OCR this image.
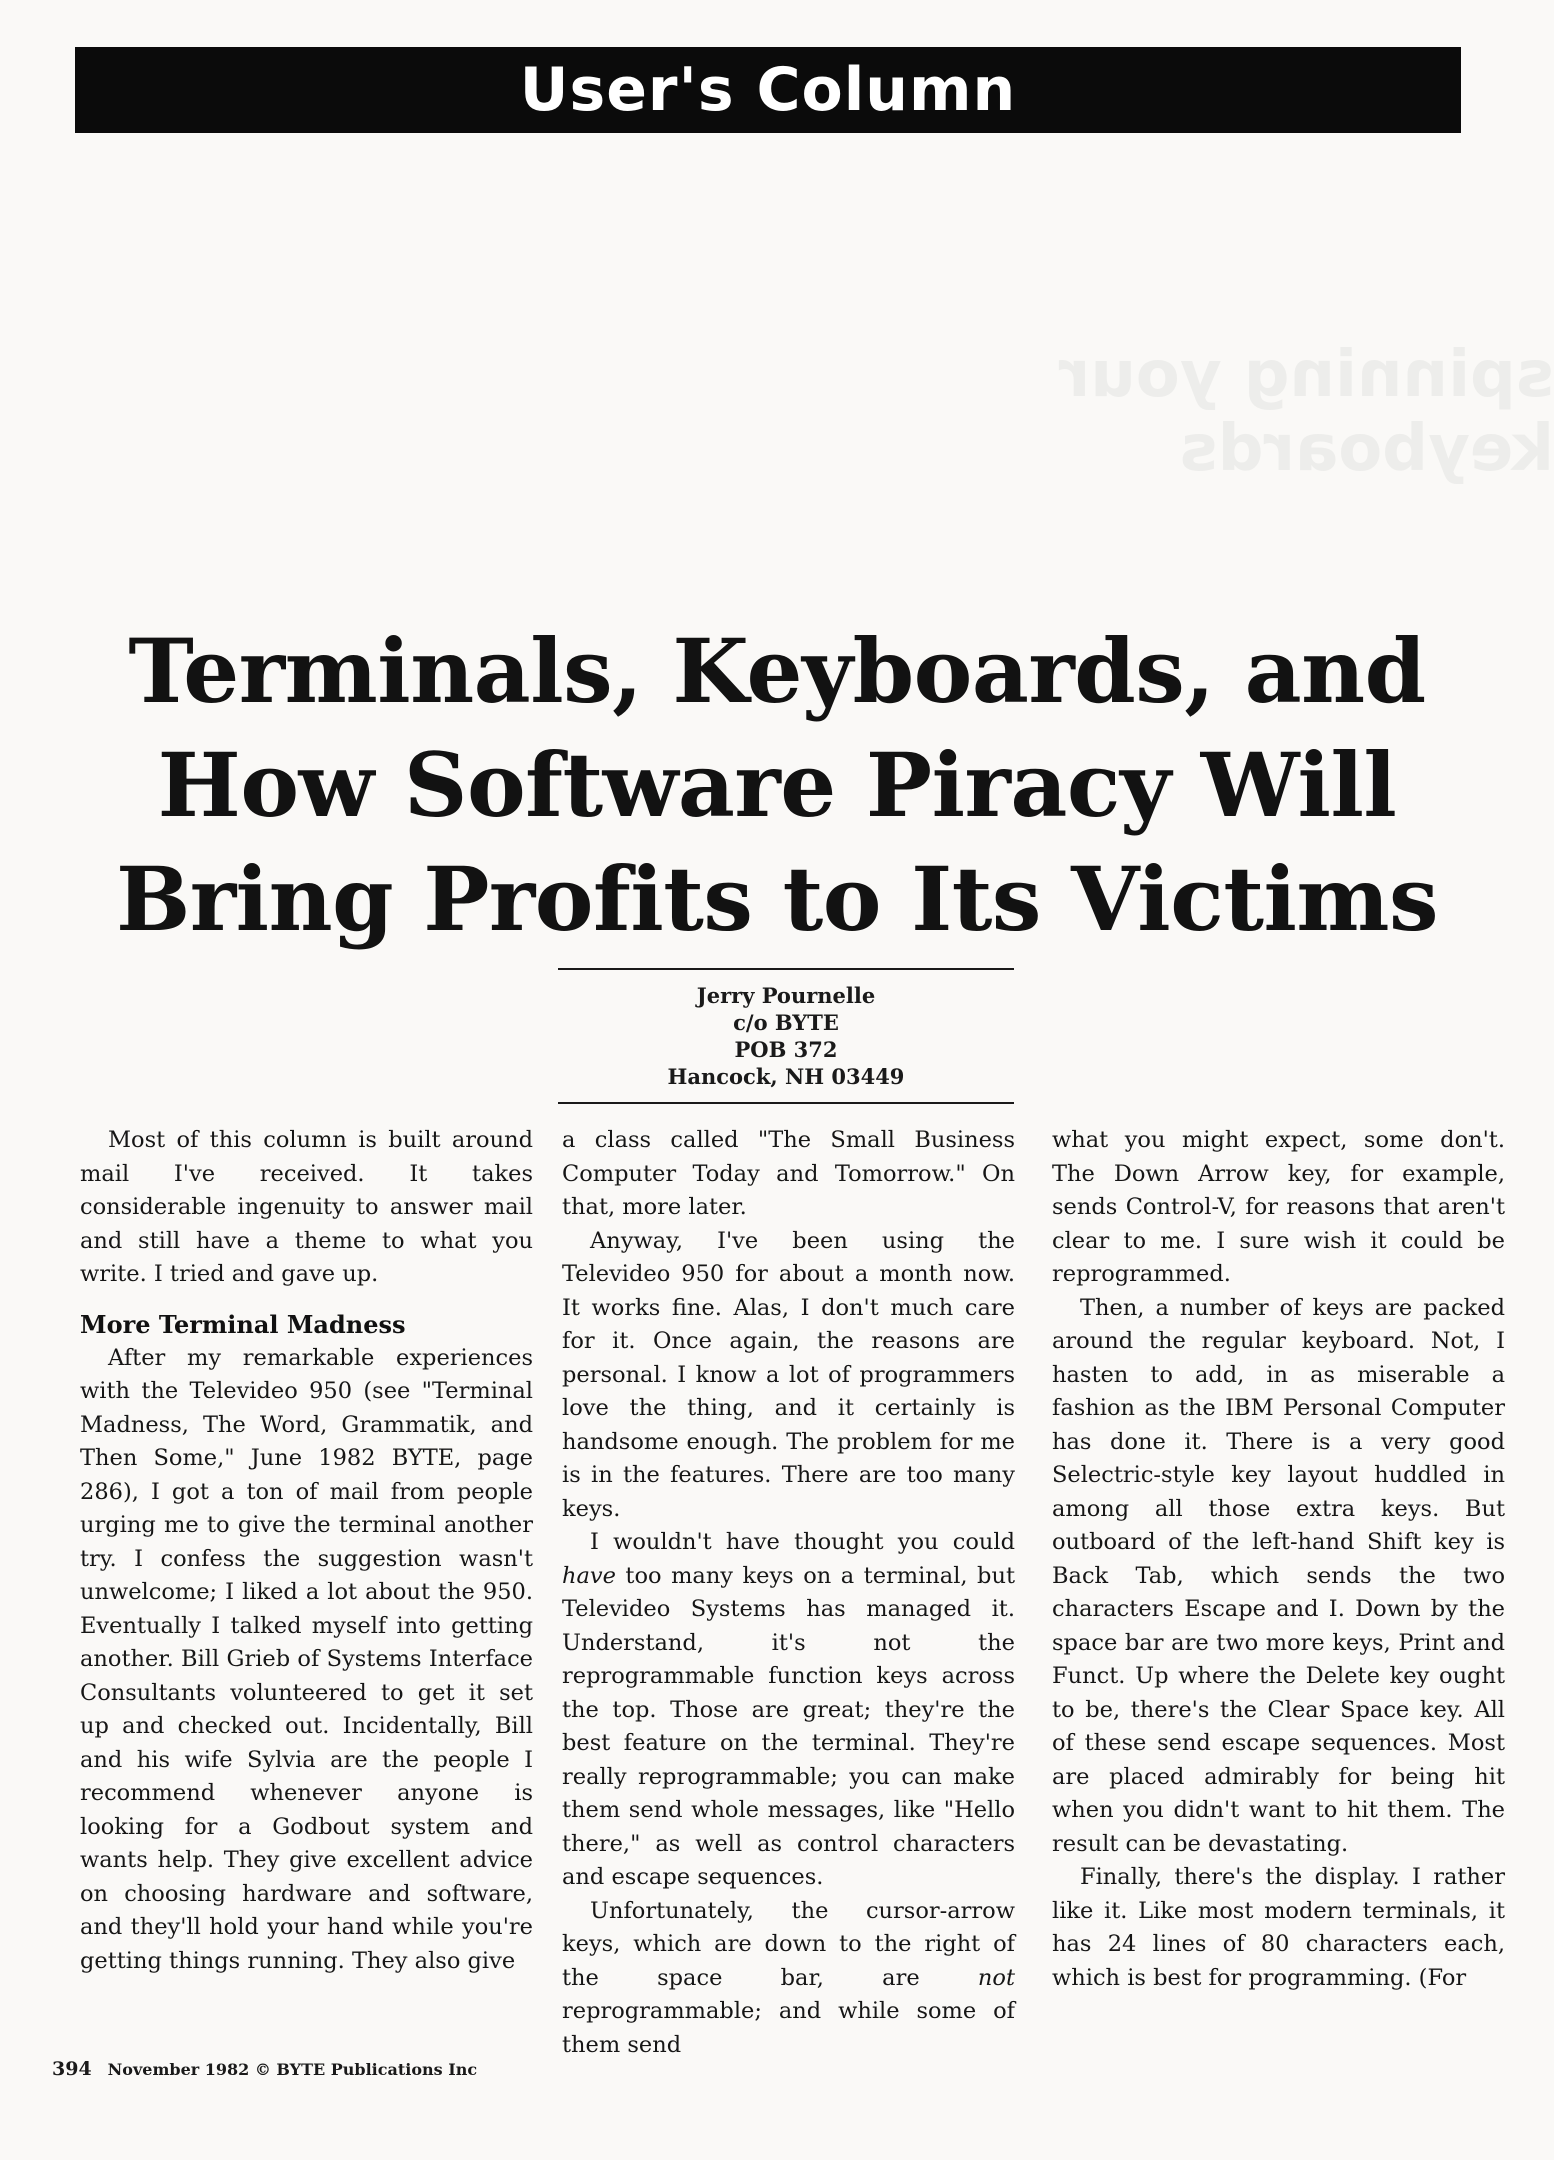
spinning your keyboards
User's Column
Terminals, Keyboards, and
How Software Piracy Will
Bring Profits to Its Victims
Jerry Pournelle
c/o BYTE
POB 372
Hancock, NH 03449

Most of this column is built around mail I've received. It takes considerable ingenuity to answer mail and still have a theme to what you write. I tried and gave up.

More Terminal Madness

After my remarkable experiences with the Televideo 950 (see "Terminal Madness, The Word, Grammatik, and Then Some," June 1982 BYTE, page 286), I got a ton of mail from people urging me to give the terminal another try. I confess the suggestion wasn't unwelcome; I liked a lot about the 950. Eventually I talked myself into getting another. Bill Grieb of Systems Interface Consultants volunteered to get it set up and checked out. Incidentally, Bill and his wife Sylvia are the people I recommend whenever anyone is looking for a Godbout system and wants help. They give excellent advice on choosing hardware and software, and they'll hold your hand while you're getting things running. They also give

a class called "The Small Business Computer Today and Tomorrow." On that, more later.

Anyway, I've been using the Televideo 950 for about a month now. It works fine. Alas, I don't much care for it. Once again, the reasons are personal. I know a lot of programmers love the thing, and it certainly is handsome enough. The problem for me is in the features. There are too many keys.

I wouldn't have thought you could have too many keys on a terminal, but Televideo Systems has managed it. Understand, it's not the reprogrammable function keys across the top. Those are great; they're the best feature on the terminal. They're really reprogrammable; you can make them send whole messages, like "Hello there," as well as control characters and escape sequences.

Unfortunately, the cursor-arrow keys, which are down to the right of the space bar, are not reprogrammable; and while some of them send

what you might expect, some don't. The Down Arrow key, for example, sends Control-V, for reasons that aren't clear to me. I sure wish it could be reprogrammed.

Then, a number of keys are packed around the regular keyboard. Not, I hasten to add, in as miserable a fashion as the IBM Personal Computer has done it. There is a very good Selectric-style key layout huddled in among all those extra keys. But outboard of the left-hand Shift key is Back Tab, which sends the two characters Escape and I. Down by the space bar are two more keys, Print and Funct. Up where the Delete key ought to be, there's the Clear Space key. All of these send escape sequences. Most are placed admirably for being hit when you didn't want to hit them. The result can be devastating.

Finally, there's the display. I rather like it. Like most modern terminals, it has 24 lines of 80 characters each, which is best for programming. (For

394 November 1982 © BYTE Publications Inc
